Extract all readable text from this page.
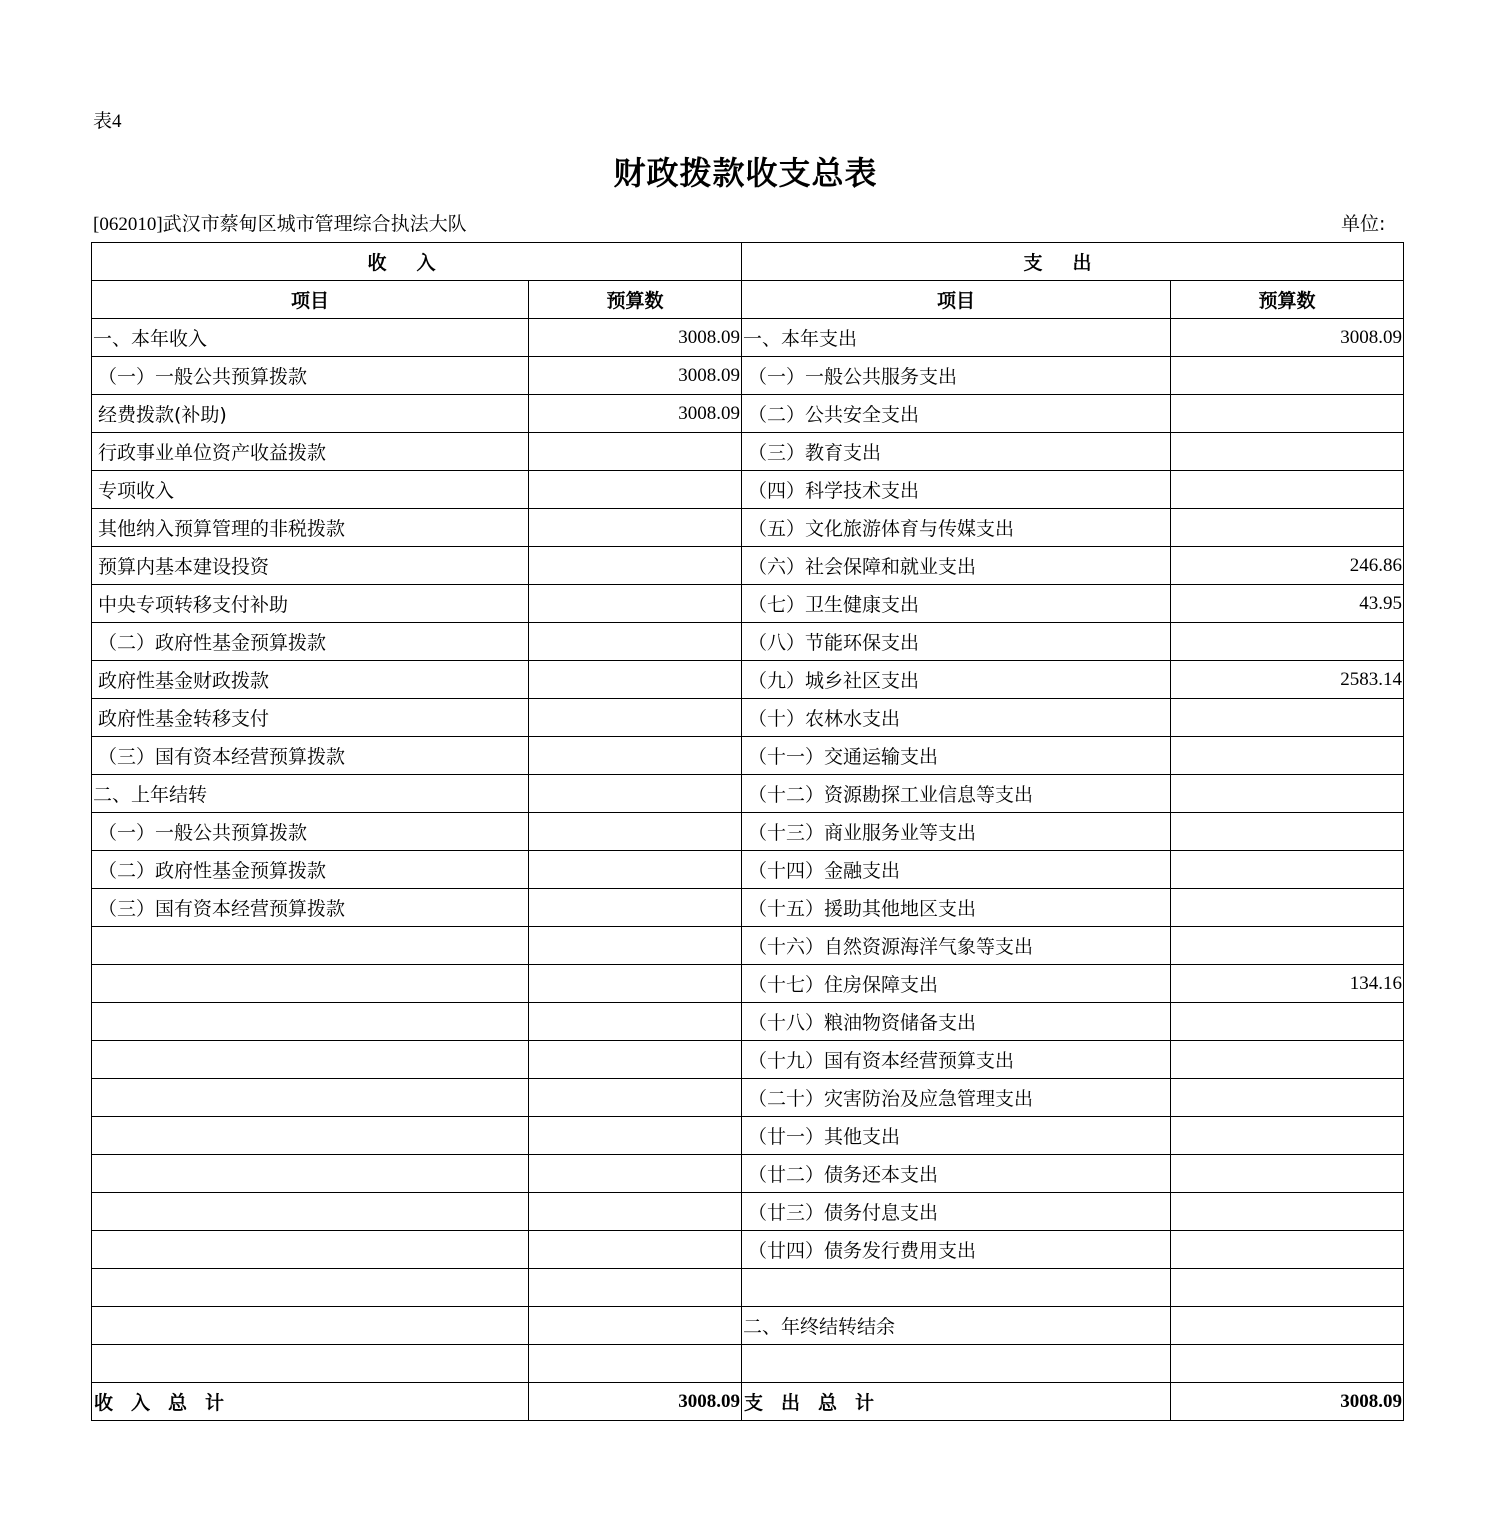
表4
财政拨款收支总表
[062010]武汉市蔡甸区城市管理综合执法大队	单位:
收入		支出	
项目	预算数	项目	预算数
一、本年收入	3008.09	一、本年支出	3008.09
（一）一般公共预算拨款	3008.09	（一）一般公共服务支出	
经费拨款(补助)	3008.09	（二）公共安全支出	
行政事业单位资产收益拨款		（三）教育支出	
专项收入		（四）科学技术支出	
其他纳入预算管理的非税拨款		（五）文化旅游体育与传媒支出	
预算内基本建设投资		（六）社会保障和就业支出	246.86
中央专项转移支付补助		（七）卫生健康支出	43.95
（二）政府性基金预算拨款		（八）节能环保支出	
政府性基金财政拨款		（九）城乡社区支出	2583.14
政府性基金转移支付		（十）农林水支出	
（三）国有资本经营预算拨款		（十一）交通运输支出	
二、上年结转		（十二）资源勘探工业信息等支出	
（一）一般公共预算拨款		（十三）商业服务业等支出	
（二）政府性基金预算拨款		（十四）金融支出	
（三）国有资本经营预算拨款		（十五）援助其他地区支出	
		（十六）自然资源海洋气象等支出	
		（十七）住房保障支出	134.16
		（十八）粮油物资储备支出	
		（十九）国有资本经营预算支出	
		（二十）灾害防治及应急管理支出	
		（廿一）其他支出	
		（廿二）债务还本支出	
		（廿三）债务付息支出	
		（廿四）债务发行费用支出	

		二、年终结转结余	

收入总计	3008.09	支出总计	3008.09
